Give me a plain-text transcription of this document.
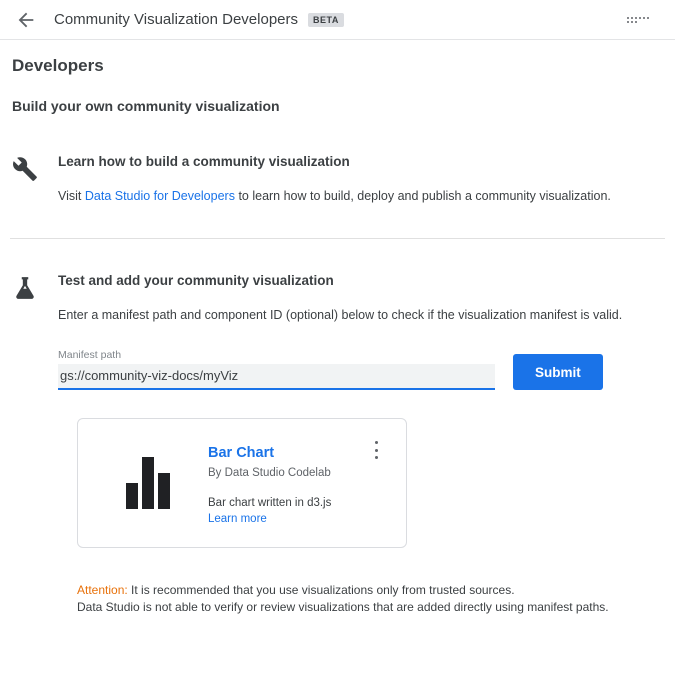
Community Visualization Developers	BETA
Developers
Build your own community visualization
Learn how to build a community visualization
Visit Data Studio for Developers to learn how to build, deploy and publish a community visualization.
Test and add your community visualization
Enter a manifest path and component ID (optional) below to check if the visualization manifest is valid.
Manifest path
gs://community-viz-docs/myViz
Submit
Bar Chart
By Data Studio Codelab
Bar chart written in d3.js
Learn more
Attention: It is recommended that you use visualizations only from trusted sources.
Data Studio is not able to verify or review visualizations that are added directly using manifest paths.
